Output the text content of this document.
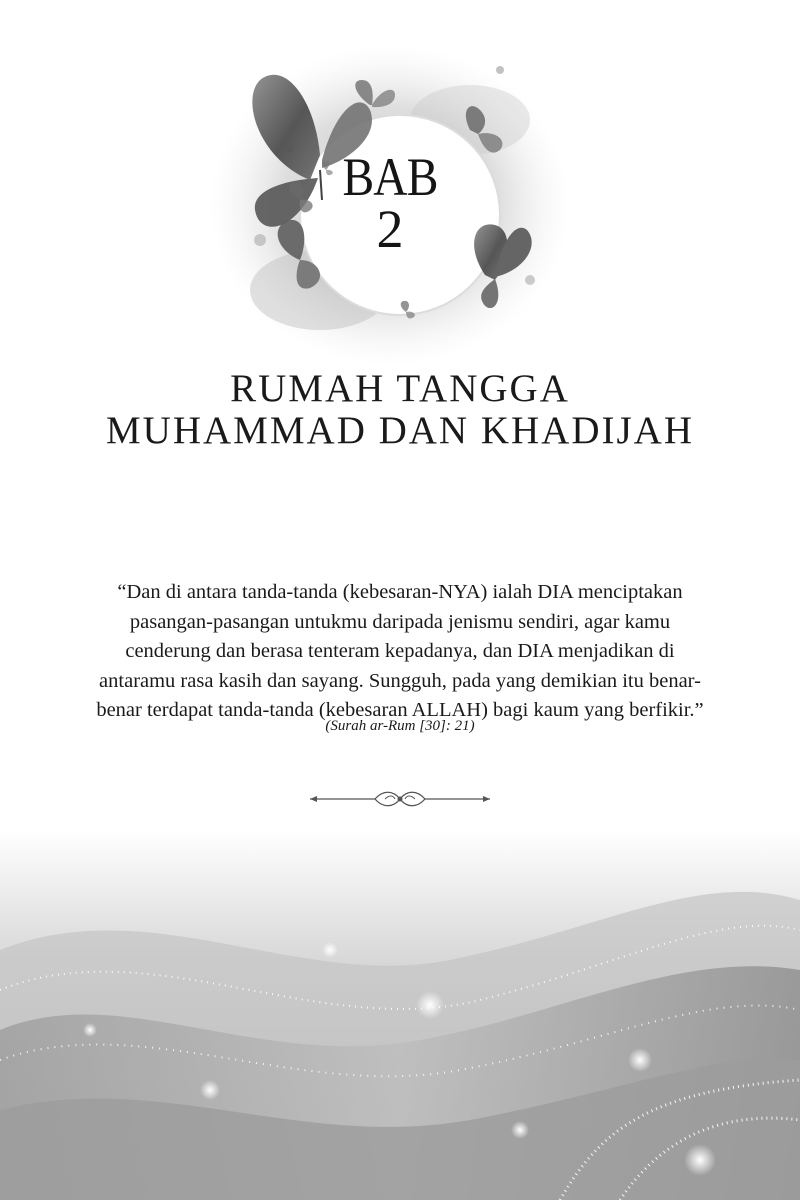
BAB
2
RUMAH TANGGA
MUHAMMAD DAN KHADIJAH

“Dan di antara tanda-tanda (kebesaran-NYA) ialah DIA menciptakan
pasangan-pasangan untukmu daripada jenismu sendiri, agar kamu
cenderung dan berasa tenteram kepadanya, dan DIA menjadikan di
antaramu rasa kasih dan sayang. Sungguh, pada yang demikian itu benar-
benar terdapat tanda-tanda (kebesaran ALLAH) bagi kaum yang berfikir.”

(Surah ar-Rum [30]: 21)
